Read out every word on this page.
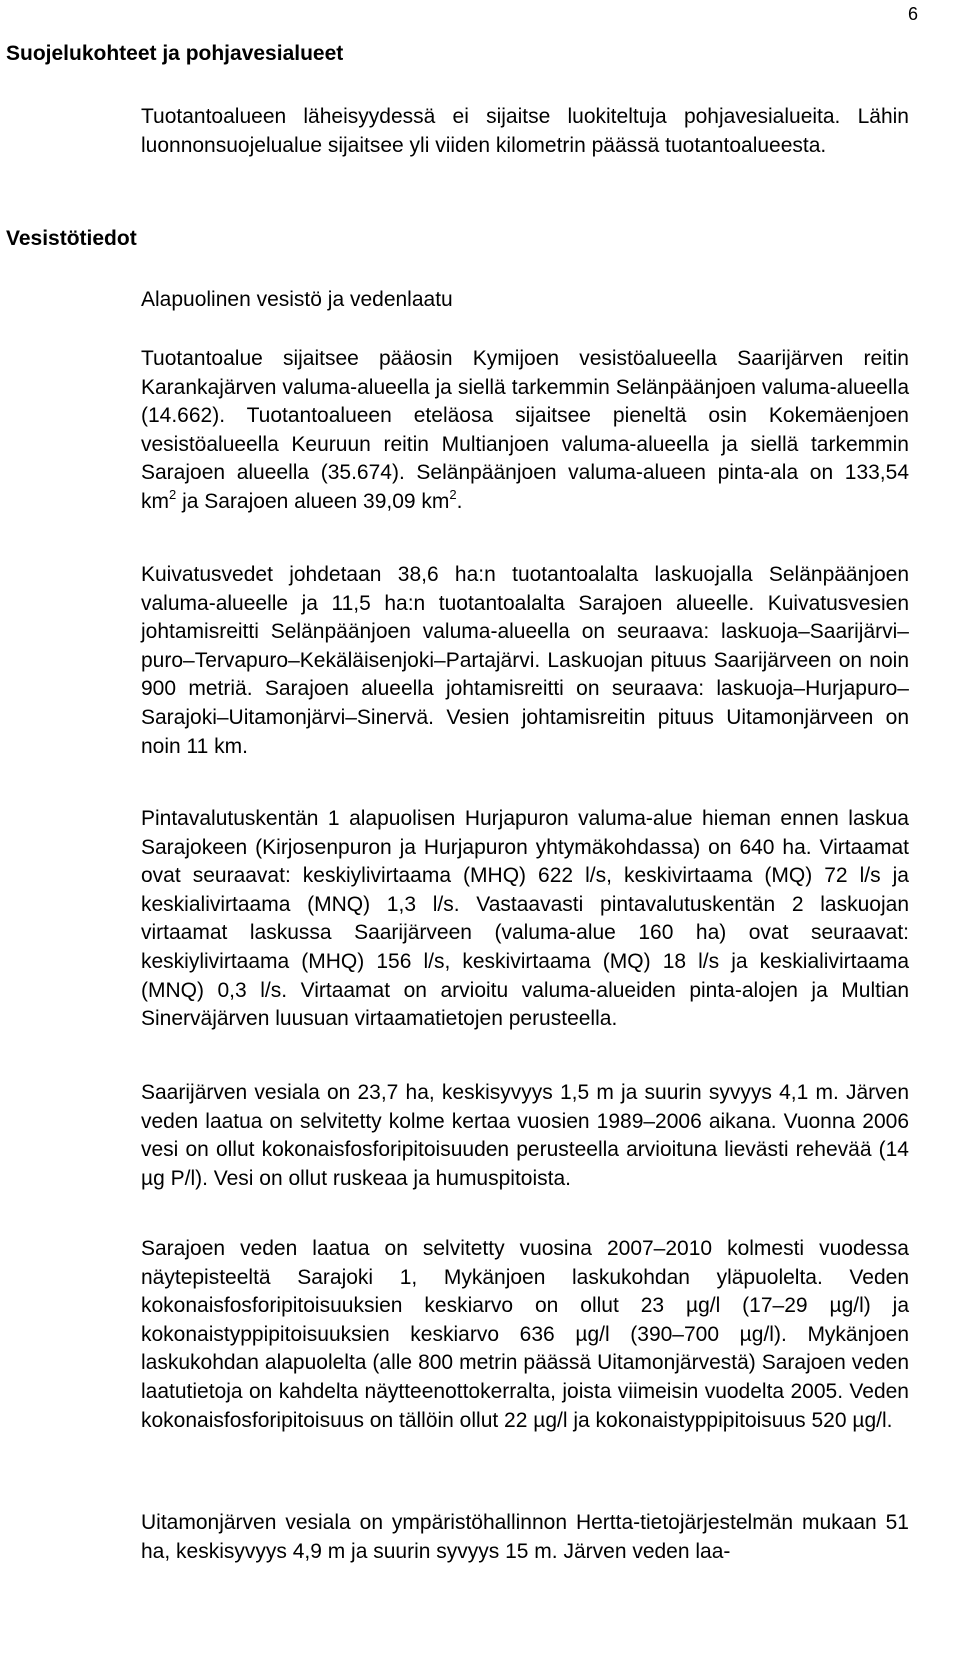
6
Suojelukohteet ja pohjavesialueet

Tuotantoalueen läheisyydessä ei sijaitse luokiteltuja pohjavesialueita. Lähin luonnonsuojelualue sijaitsee yli viiden kilometrin päässä tuotantoalueesta.

Vesistötiedot
Alapuolinen vesistö ja vedenlaatu

Tuotantoalue sijaitsee pääosin Kymijoen vesistöalueella Saarijärven reitin Karankajärven valuma-alueella ja siellä tarkemmin Selänpäänjoen valuma-alueella (14.662). Tuotantoalueen eteläosa sijaitsee pieneltä osin Kokemäenjoen vesistöalueella Keuruun reitin Multianjoen valuma-alueella ja siellä tarkemmin Sarajoen alueella (35.674). Selänpäänjoen valuma-alueen pinta-ala on 133,54 $km^2$ ja Sarajoen alueen 39,09 $km^2$.

Kuivatusvedet johdetaan 38,6 ha:n tuotantoalalta laskuojalla Selänpäänjoen valuma-alueelle ja 11,5 ha:n tuotantoalalta Sarajoen alueelle. Kuivatusvesien johtamisreitti Selänpäänjoen valuma-alueella on seuraava: laskuoja–Saarijärvi–puro–Tervapuro–Kekäläisenjoki–Partajärvi. Laskuojan pituus Saarijärveen on noin 900 metriä. Sarajoen alueella johtamisreitti on seuraava: laskuoja–Hurjapuro–Sarajoki–Uitamonjärvi–Sinervä. Vesien johtamisreitin pituus Uitamonjärveen on noin 11 km.

Pintavalutuskentän 1 alapuolisen Hurjapuron valuma-alue hieman ennen laskua Sarajokeen (Kirjosenpuron ja Hurjapuron yhtymäkohdassa) on 640 ha. Virtaamat ovat seuraavat: keskiylivirtaama (MHQ) 622 l/s, keskivirtaama (MQ) 72 l/s ja keskialivirtaama (MNQ) 1,3 l/s. Vastaavasti pintavalutuskentän 2 laskuojan virtaamat laskussa Saarijärveen (valuma-alue 160 ha) ovat seuraavat: keskiylivirtaama (MHQ) 156 l/s, keskivirtaama (MQ) 18 l/s ja keskialivirtaama (MNQ) 0,3 l/s. Virtaamat on arvioitu valuma-alueiden pinta-alojen ja Multian Sinerväjärven luusuan virtaamatietojen perusteella.

Saarijärven vesiala on 23,7 ha, keskisyvyys 1,5 m ja suurin syvyys 4,1 m. Järven veden laatua on selvitetty kolme kertaa vuosien 1989–2006 aikana. Vuonna 2006 vesi on ollut kokonaisfosforipitoisuuden perusteella arvioituna lievästi rehevää (14 µg P/l). Vesi on ollut ruskeaa ja humuspitoista.

Sarajoen veden laatua on selvitetty vuosina 2007–2010 kolmesti vuodessa näytepisteeltä Sarajoki 1, Mykänjoen laskukohdan yläpuolelta. Veden kokonaisfosforipitoisuuksien keskiarvo on ollut 23 µg/l (17–29 µg/l) ja kokonaistyppipitoisuuksien keskiarvo 636 µg/l (390–700 µg/l). Mykänjoen laskukohdan alapuolelta (alle 800 metrin päässä Uitamonjärvestä) Sarajoen veden laatutietoja on kahdelta näytteenottokerralta, joista viimeisin vuodelta 2005. Veden kokonaisfosforipitoisuus on tällöin ollut 22 µg/l ja kokonaistyppipitoisuus 520 µg/l.

Uitamonjärven vesiala on ympäristöhallinnon Hertta-tietojärjestelmän mukaan 51 ha, keskisyvyys 4,9 m ja suurin syvyys 15 m. Järven veden laa-
